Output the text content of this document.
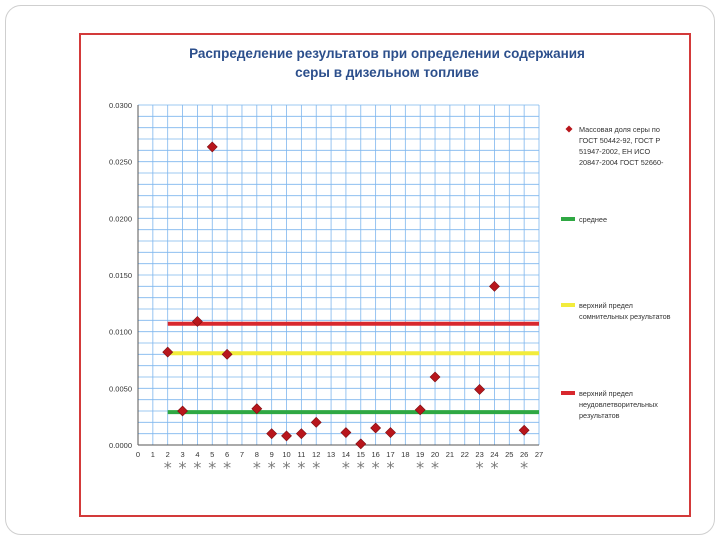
Распределение результатов при определении содержания
серы в дизельном топливе
0.0000
0.0050
0.0100
0.0150
0.0200
0.0250
0.0300
0 1 2 3 4 5 6 7 8 9 10 11 12 13 14 15 16 17 18 19 20 21 22 23 24 25 26 27
* * * * * * * * * * * * * * * * * * *
Массовая доля серы по
ГОСТ 50442-92, ГОСТ Р
51947-2002, ЕН ИСО
20847-2004 ГОСТ 52660-
среднее
верхний предел
сомнительных результатов
верхний предел
неудовлетворительных
результатов
